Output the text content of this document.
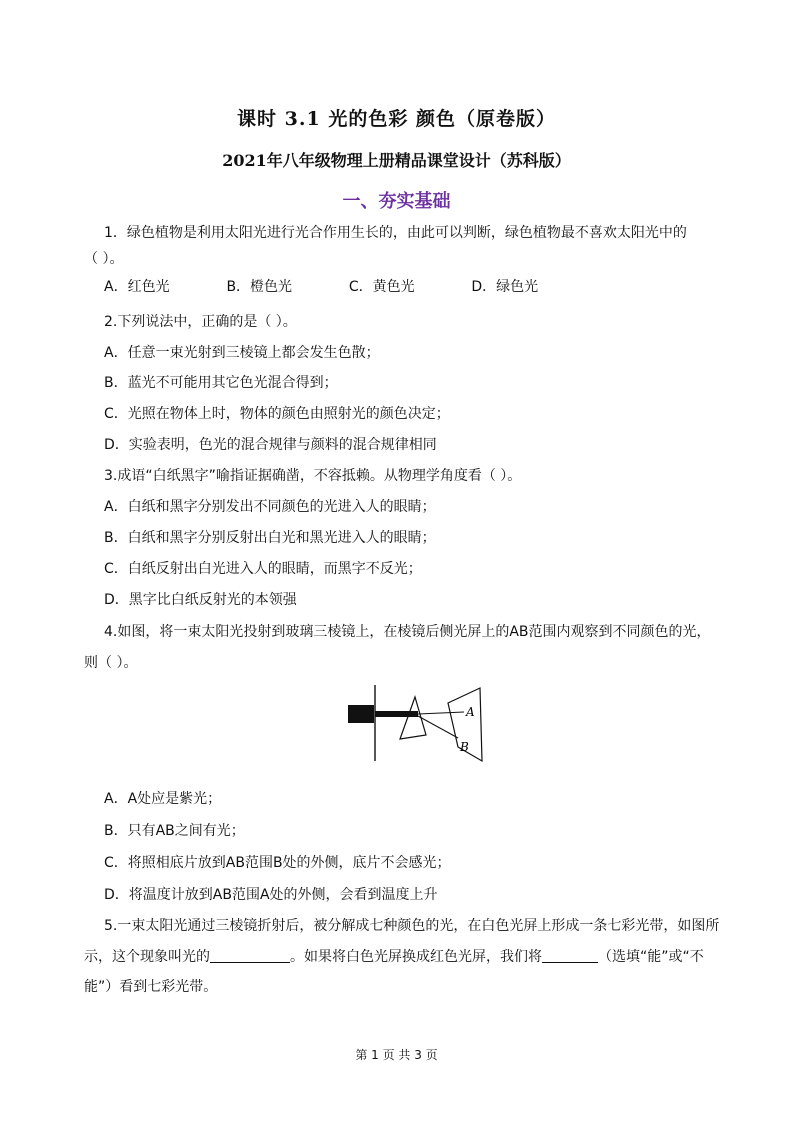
课时 3.1 光的色彩 颜色（原卷版）
2021年八年级物理上册精品课堂设计（苏科版）
一、夯实基础
1．绿色植物是利用太阳光进行光合作用生长的，由此可以判断，绿色植物最不喜欢太阳光中的
（ ）。
A．红色光	B．橙色光	C．黄色光	D．绿色光
2.下列说法中，正确的是（ ）。
A．任意一束光射到三棱镜上都会发生色散；
B．蓝光不可能用其它色光混合得到；
C．光照在物体上时，物体的颜色由照射光的颜色决定；
D．实验表明，色光的混合规律与颜料的混合规律相同
3.成语“白纸黑字”喻指证据确凿，不容抵赖。从物理学角度看（ ）。
A．白纸和黑字分别发出不同颜色的光进入人的眼睛；
B．白纸和黑字分别反射出白光和黑光进入人的眼睛；
C．白纸反射出白光进入人的眼睛，而黑字不反光；
D．黑字比白纸反射光的本领强
4.如图，将一束太阳光投射到玻璃三棱镜上，在棱镜后侧光屏上的AB范围内观察到不同颜色的光，
则（ ）。
A
B
A．A处应是紫光；
B．只有AB之间有光；
C．将照相底片放到AB范围B处的外侧，底片不会感光；
D．将温度计放到AB范围A处的外侧，会看到温度上升
5.一束太阳光通过三棱镜折射后，被分解成七种颜色的光，在白色光屏上形成一条七彩光带，如图所
示，这个现象叫光的	。如果将白色光屏换成红色光屏，我们将	（选填“能”或“不
能”）看到七彩光带。
第 1 页 共 3 页
